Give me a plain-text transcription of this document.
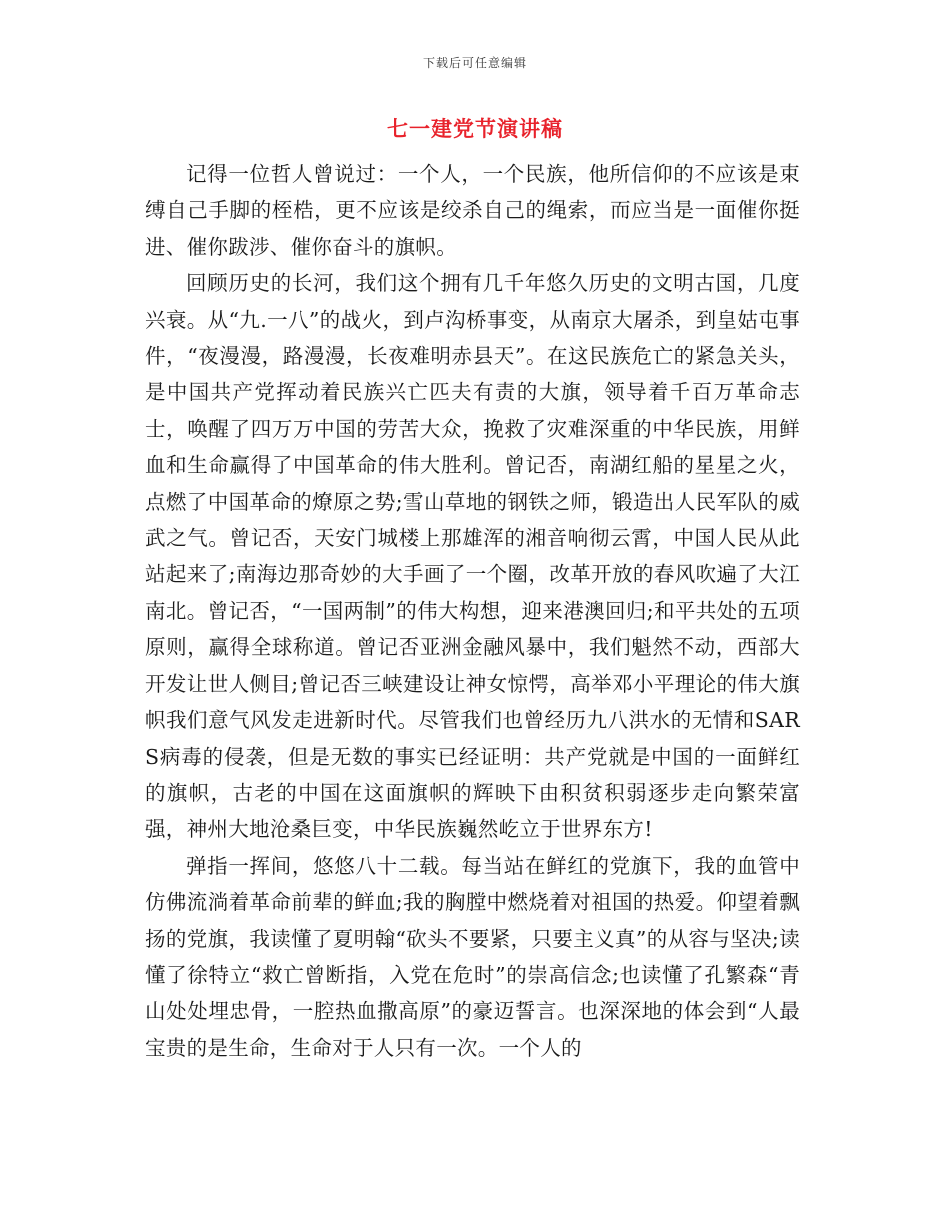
下载后可任意编辑
七一建党节演讲稿

记得一位哲人曾说过：一个人，一个民族，他所信仰的不应该是束缚自己手脚的桎梏，更不应该是绞杀自己的绳索，而应当是一面催你挺进、催你跋涉、催你奋斗的旗帜。

回顾历史的长河，我们这个拥有几千年悠久历史的文明古国，几度兴衰。从“九.一八”的战火，到卢沟桥事变，从南京大屠杀，到皇姑屯事件，“夜漫漫，路漫漫，长夜难明赤县天”。在这民族危亡的紧急关头，是中国共产党挥动着民族兴亡匹夫有责的大旗，领导着千百万革命志士，唤醒了四万万中国的劳苦大众，挽救了灾难深重的中华民族，用鲜血和生命赢得了中国革命的伟大胜利。曾记否，南湖红船的星星之火，点燃了中国革命的燎原之势;雪山草地的钢铁之师，锻造出人民军队的威武之气。曾记否，天安门城楼上那雄浑的湘音响彻云霄，中国人民从此站起来了;南海边那奇妙的大手画了一个圈，改革开放的春风吹遍了大江南北。曾记否，“一国两制”的伟大构想，迎来港澳回归;和平共处的五项原则，赢得全球称道。曾记否亚洲金融风暴中，我们魁然不动，西部大开发让世人侧目;曾记否三峡建设让神女惊愕，高举邓小平理论的伟大旗帜我们意气风发走进新时代。尽管我们也曾经历九八洪水的无情和SARS病毒的侵袭，但是无数的事实已经证明：共产党就是中国的一面鲜红的旗帜，古老的中国在这面旗帜的辉映下由积贫积弱逐步走向繁荣富强，神州大地沧桑巨变，中华民族巍然屹立于世界东方!

弹指一挥间，悠悠八十二载。每当站在鲜红的党旗下，我的血管中仿佛流淌着革命前辈的鲜血;我的胸膛中燃烧着对祖国的热爱。仰望着飘扬的党旗，我读懂了夏明翰“砍头不要紧，只要主义真”的从容与坚决;读懂了徐特立“救亡曾断指，入党在危时”的崇高信念;也读懂了孔繁森“青山处处埋忠骨，一腔热血撒高原”的豪迈誓言。也深深地的体会到“人最宝贵的是生命，生命对于人只有一次。一个人的
